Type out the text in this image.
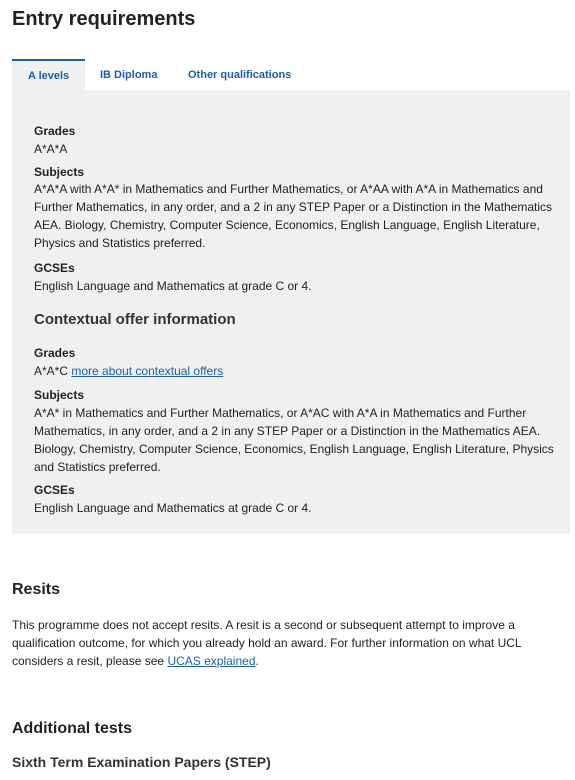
Entry requirements
A levels	IB Diploma	Other qualifications
Grades
A*A*A
Subjects

A*A*A with A*A* in Mathematics and Further Mathematics, or A*AA with A*A in Mathematics and Further Mathematics, in any order, and a 2 in any STEP Paper or a Distinction in the Mathematics AEA. Biology, Chemistry, Computer Science, Economics, English Language, English Literature, Physics and Statistics preferred.

GCSEs
English Language and Mathematics at grade C or 4.
Contextual offer information
Grades
A*A*C more about contextual offers
Subjects

A*A* in Mathematics and Further Mathematics, or A*AC with A*A in Mathematics and Further Mathematics, in any order, and a 2 in any STEP Paper or a Distinction in the Mathematics AEA. Biology, Chemistry, Computer Science, Economics, English Language, English Literature, Physics and Statistics preferred.

GCSEs
English Language and Mathematics at grade C or 4.
Resits

This programme does not accept resits. A resit is a second or subsequent attempt to improve a qualification outcome, for which you already hold an award. For further information on what UCL considers a resit, please see UCAS explained.

Additional tests
Sixth Term Examination Papers (STEP)
